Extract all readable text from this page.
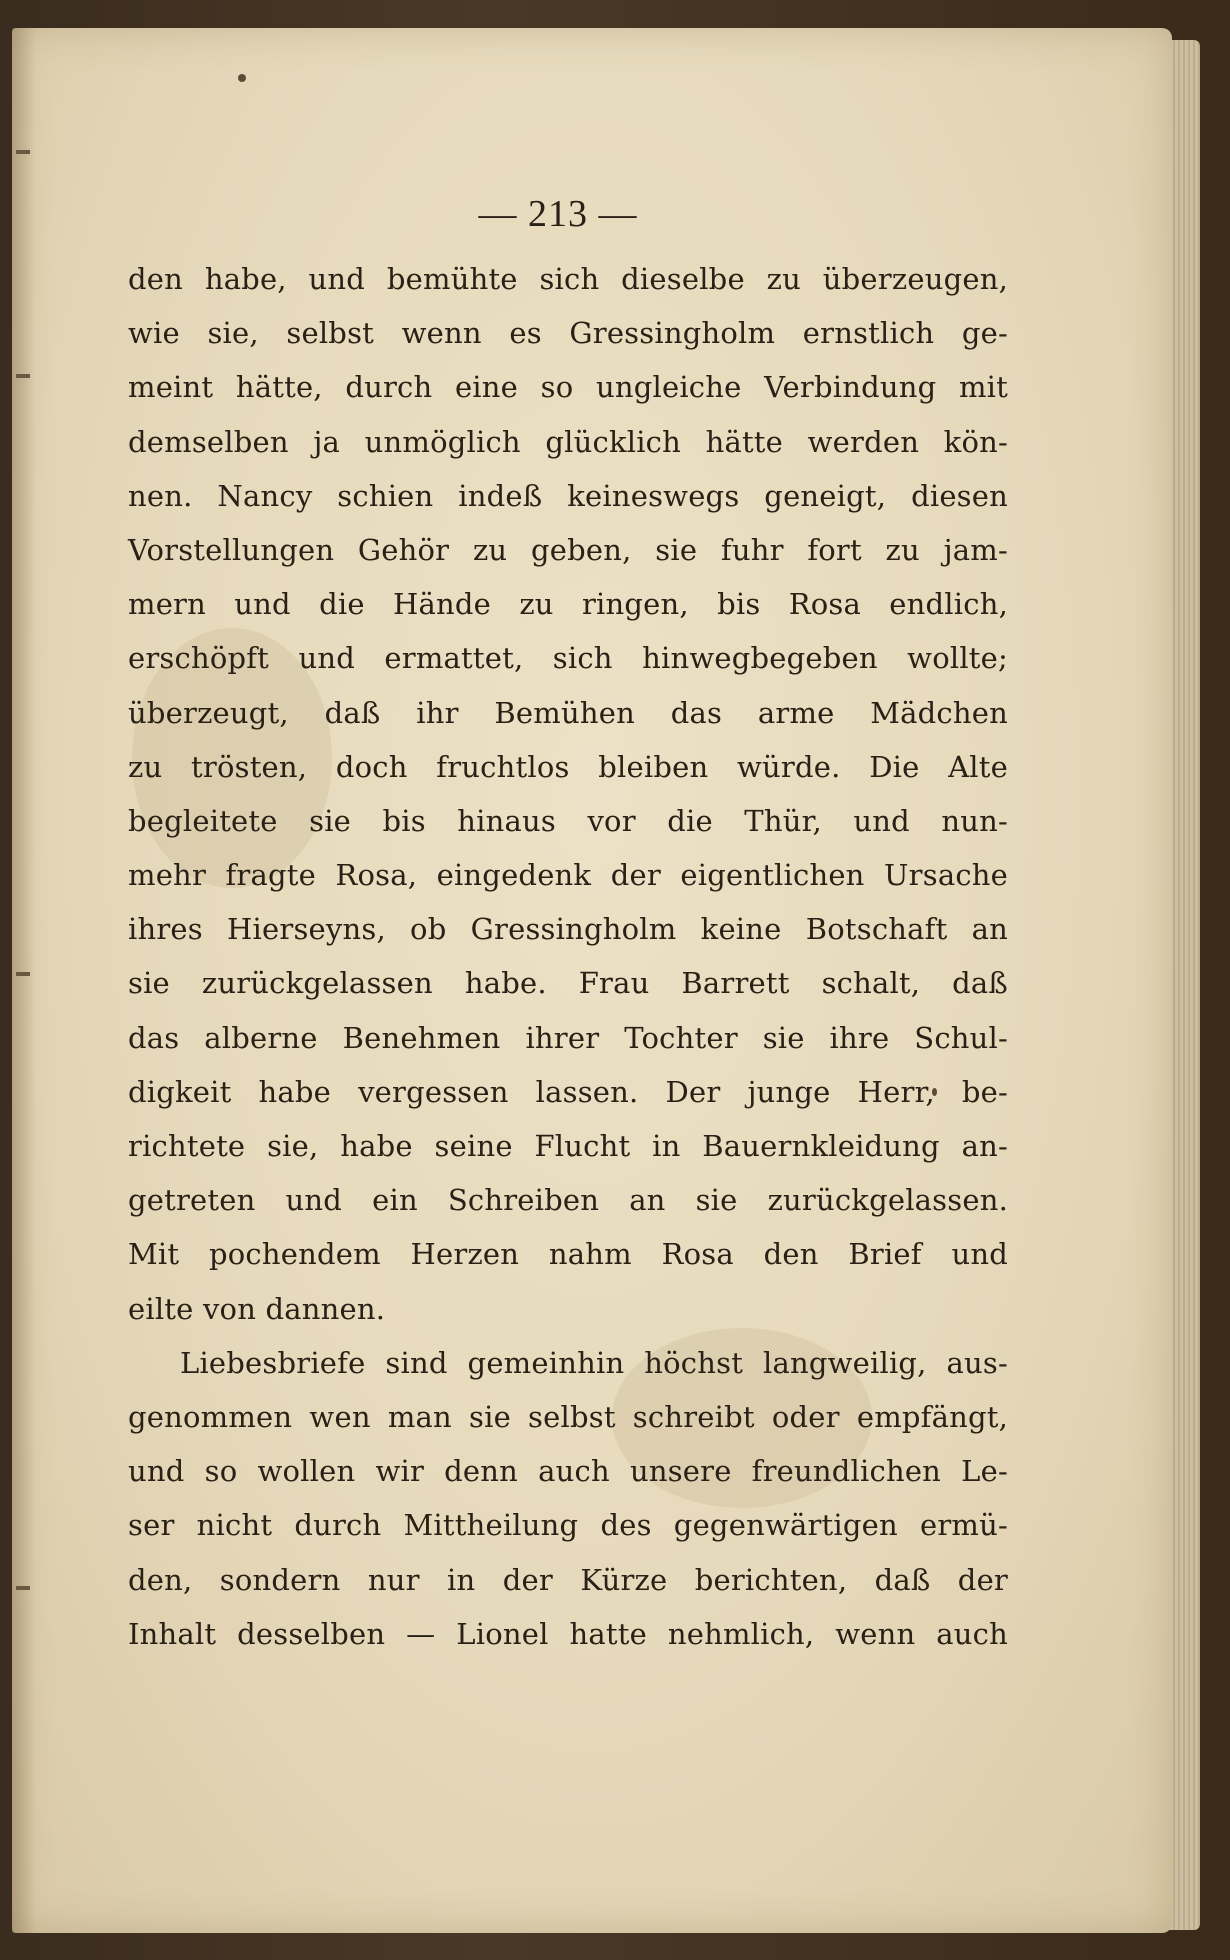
— 213 —
den habe, und bemühte sich dieselbe zu überzeugen,
wie sie, selbst wenn es Gressingholm ernstlich ge-
meint hätte, durch eine so ungleiche Verbindung mit
demselben ja unmöglich glücklich hätte werden kön-
nen. Nancy schien indeß keineswegs geneigt, diesen
Vorstellungen Gehör zu geben, sie fuhr fort zu jam-
mern und die Hände zu ringen, bis Rosa endlich,
erschöpft und ermattet, sich hinwegbegeben wollte;
überzeugt, daß ihr Bemühen das arme Mädchen
zu trösten, doch fruchtlos bleiben würde. Die Alte
begleitete sie bis hinaus vor die Thür, und nun-
mehr fragte Rosa, eingedenk der eigentlichen Ursache
ihres Hierseyns, ob Gressingholm keine Botschaft an
sie zurückgelassen habe. Frau Barrett schalt, daß
das alberne Benehmen ihrer Tochter sie ihre Schul-
digkeit habe vergessen lassen. Der junge Herr, be-
richtete sie, habe seine Flucht in Bauernkleidung an-
getreten und ein Schreiben an sie zurückgelassen.
Mit pochendem Herzen nahm Rosa den Brief und
eilte von dannen.
Liebesbriefe sind gemeinhin höchst langweilig, aus-
genommen wen man sie selbst schreibt oder empfängt,
und so wollen wir denn auch unsere freundlichen Le-
ser nicht durch Mittheilung des gegenwärtigen ermü-
den, sondern nur in der Kürze berichten, daß der
Inhalt desselben — Lionel hatte nehmlich, wenn auch
